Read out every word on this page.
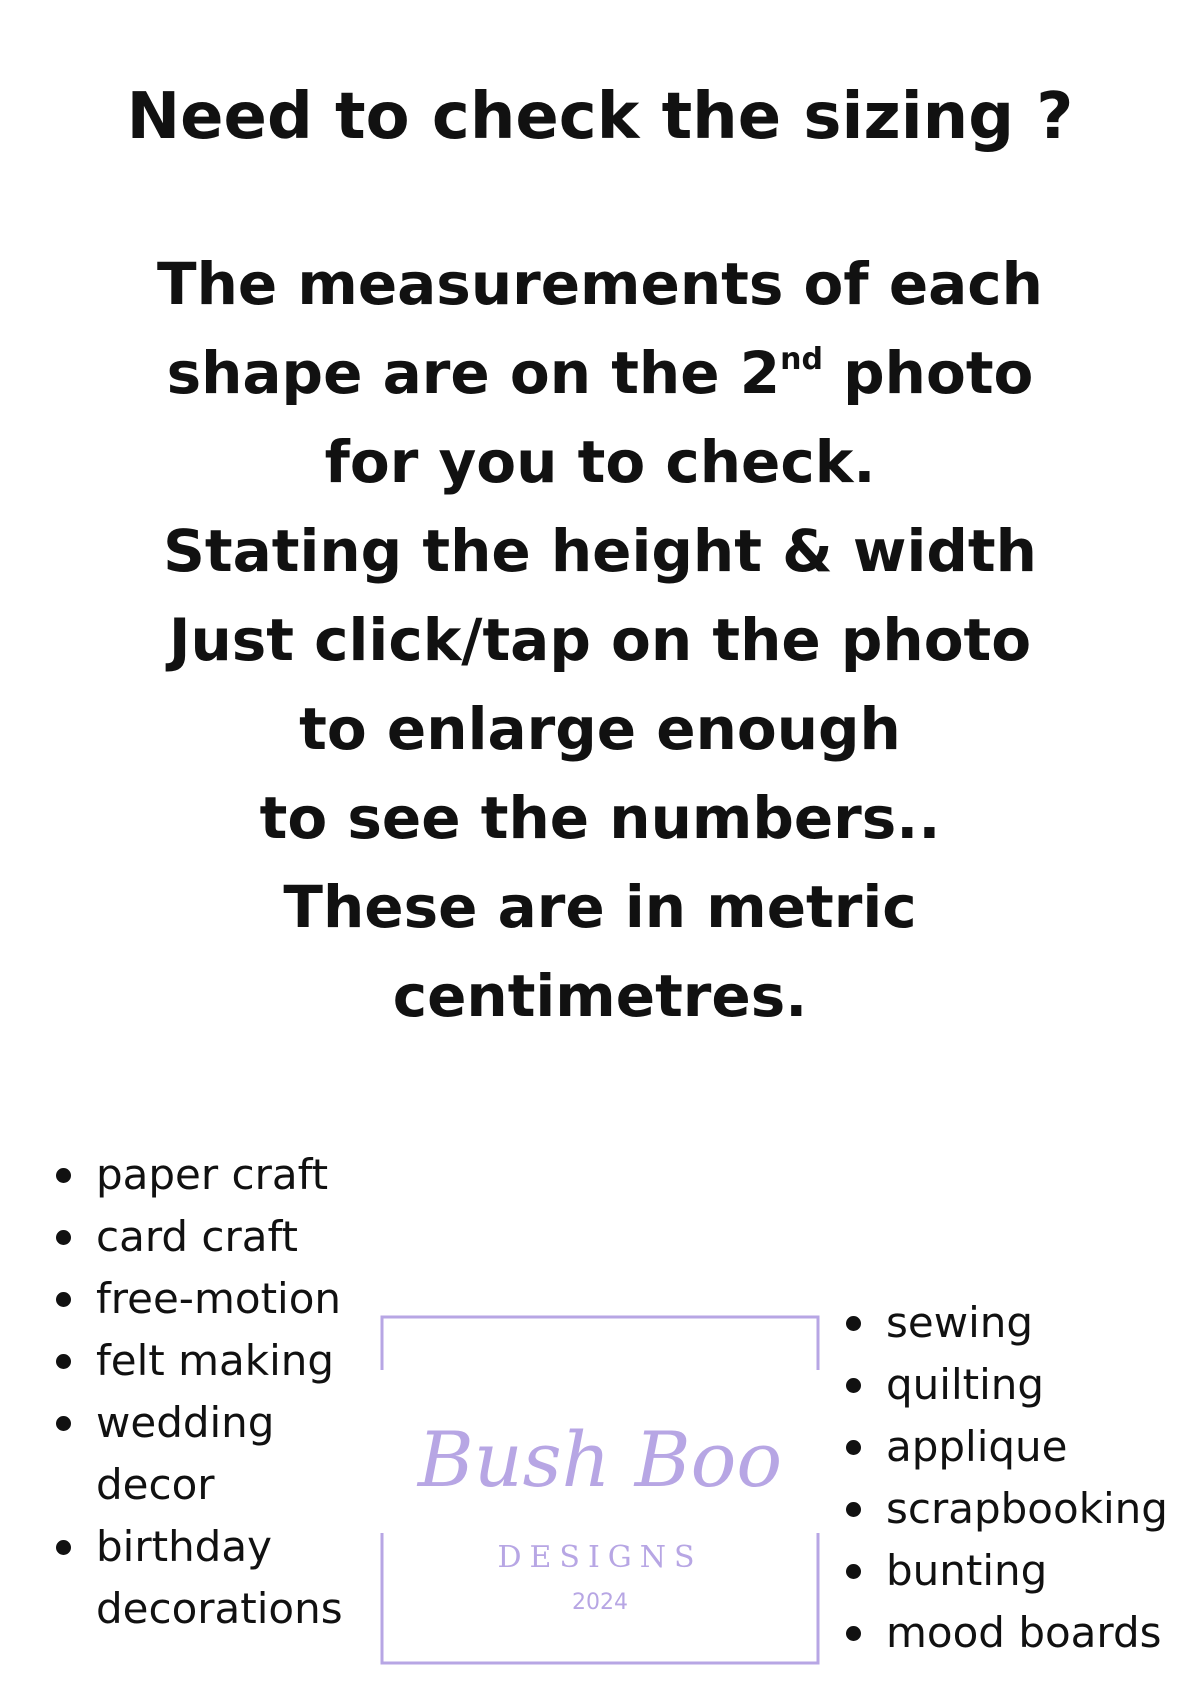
Need to check the sizing ?
The measurements of each
shape are on the 2nd photo
for you to check.
Stating the height & width
Just click/tap on the photo
to enlarge enough
to see the numbers..
These are in metric
centimetres.
paper craft
card craft
free-motion
felt making
wedding decor
birthday decorations
Bush Boo
DESIGNS
2024
sewing
quilting
applique
scrapbooking
bunting
mood boards
